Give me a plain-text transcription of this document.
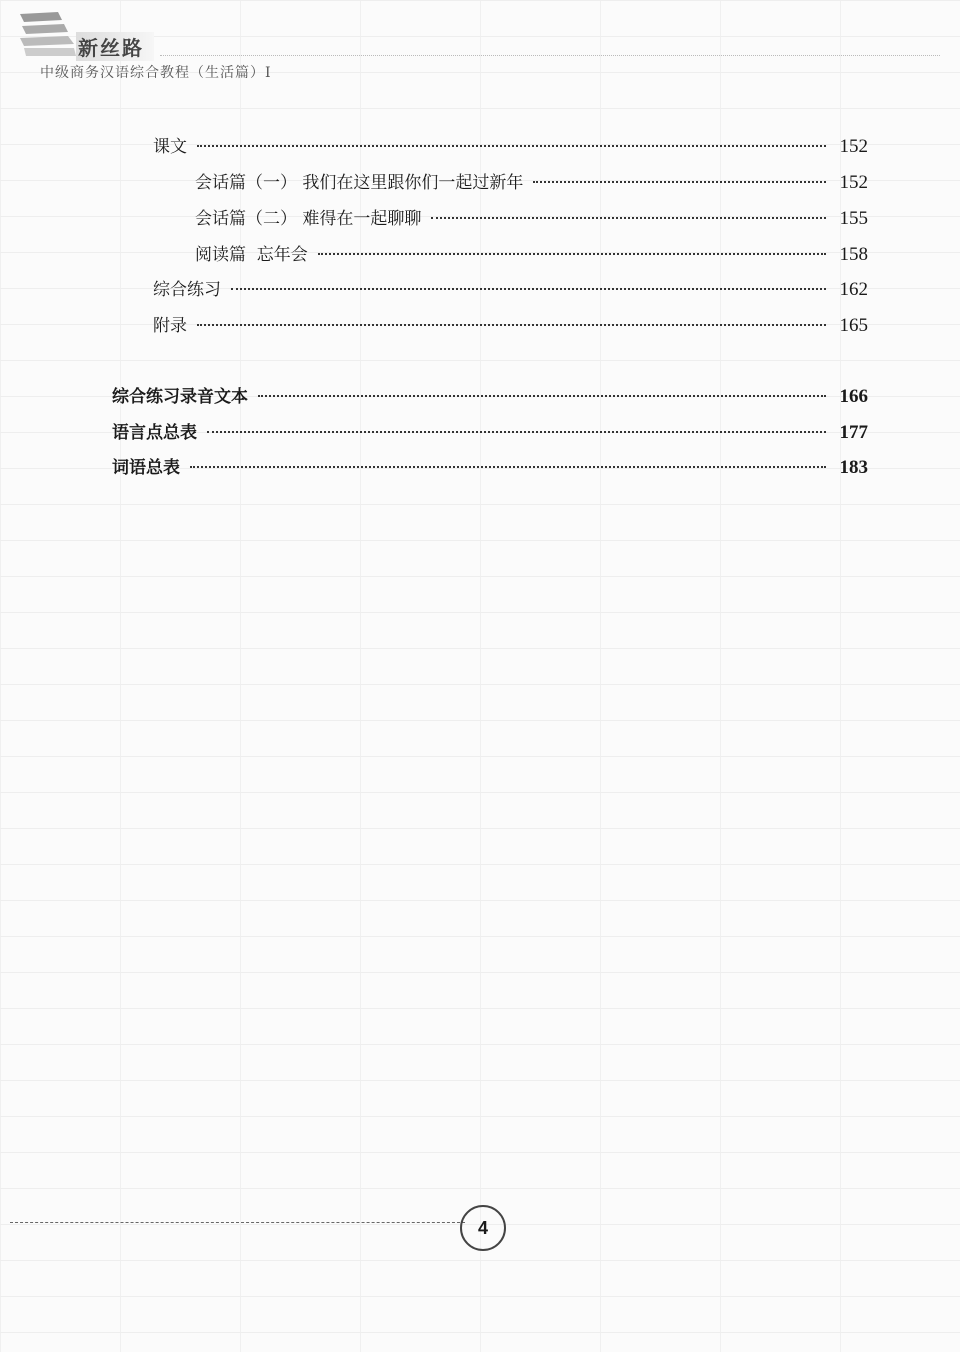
新丝路
中级商务汉语综合教程（生活篇）Ⅰ
课文	152
会话篇（一） 我们在这里跟你们一起过新年	152
会话篇（二） 难得在一起聊聊	155
阅读篇  忘年会	158
综合练习	162
附录	165
综合练习录音文本	166
语言点总表	177
词语总表	183
4
